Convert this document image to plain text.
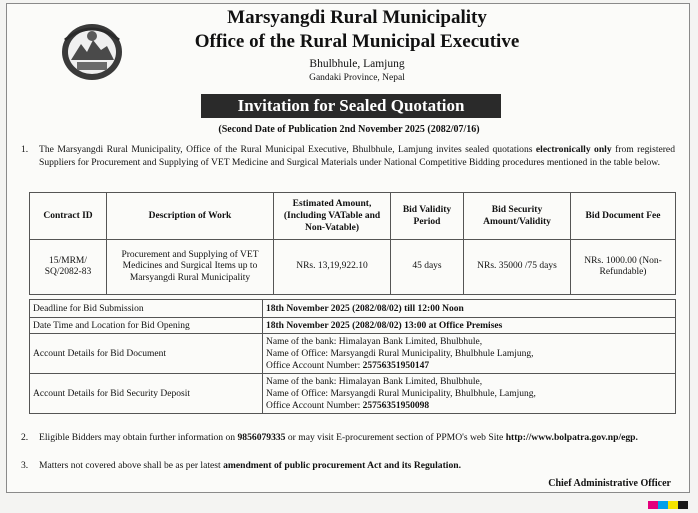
Marsyangdi Rural Municipality
Office of the Rural Municipal Executive
Bhulbhule, Lamjung
Gandaki Province, Nepal
Invitation for Sealed Quotation
(Second Date of Publication 2nd November 2025 (2082/07/16)
1. The Marsyangdi Rural Municipality, Office of the Rural Municipal Executive, Bhulbhule, Lamjung invites sealed quotations electronically only from registered Suppliers for Procurement and Supplying of VET Medicine and Surgical Materials under National Competitive Bidding procedures mentioned in the table below.
Contract ID	Description of Work	Estimated Amount, (Including VATable and Non-Vatable)	Bid Validity Period	Bid Security Amount/Validity	Bid Document Fee
15/MRM/ SQ/2082-83	Procurement and Supplying of VET Medicines and Surgical Items up to Marsyangdi Rural Municipality	NRs. 13,19,922.10	45 days	NRs. 35000 /75 days	NRs. 1000.00 (Non-Refundable)
Deadline for Bid Submission	18th November 2025 (2082/08/02) till 12:00 Noon
Date Time and Location for Bid Opening	18th November 2025 (2082/08/02) 13:00 at Office Premises
Account Details for Bid Document	Name of the bank: Himalayan Bank Limited, Bhulbhule,
Name of Office: Marsyangdi Rural Municipality, Bhulbhule Lamjung,
Office Account Number: 25756351950147

Account Details for Bid Security Deposit	Name of the bank: Himalayan Bank Limited, Bhulbhule,
Name of Office: Marsyangdi Rural Municipality, Bhulbhule, Lamjung,
Office Account Number: 25756351950098
2. Eligible Bidders may obtain further information on 9856079335 or may visit E-procurement section of PPMO's web Site http://www.bolpatra.gov.np/egp.
3. Matters not covered above shall be as per latest amendment of public procurement Act and its Regulation.
Chief Administrative Officer
